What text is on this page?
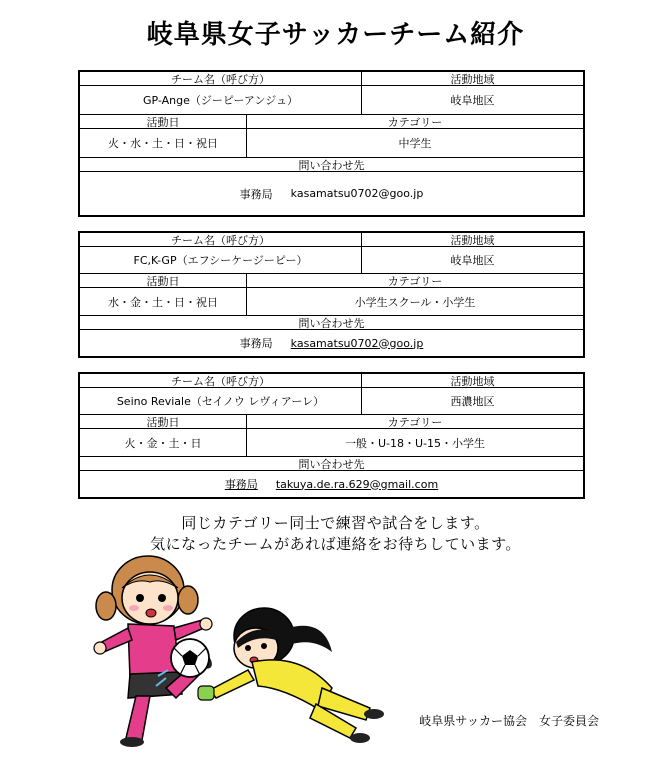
岐阜県女子サッカーチーム紹介
チーム名（呼び方）	活動地域
GP-Ange（ジーピーアンジュ）	岐阜地区
活動日	カテゴリー
火・水・土・日・祝日	中学生
問い合わせ先
事務局 kasamatsu0702@goo.jp
チーム名（呼び方）	活動地域
FC,K-GP（エフシーケージーピー）	岐阜地区
活動日	カテゴリー
水・金・土・日・祝日	小学生スクール・小学生
問い合わせ先
事務局 kasamatsu0702@goo.jp
チーム名（呼び方）	活動地域
Seino Reviale（セイノウ レヴィアーレ）	西濃地区
活動日	カテゴリー
火・金・土・日	一般・U-18・U-15・小学生
問い合わせ先
事務局 takuya.de.ra.629@gmail.com
同じカテゴリー同士で練習や試合をします。
気になったチームがあれば連絡をお待ちしています。
岐阜県サッカー協会　女子委員会
